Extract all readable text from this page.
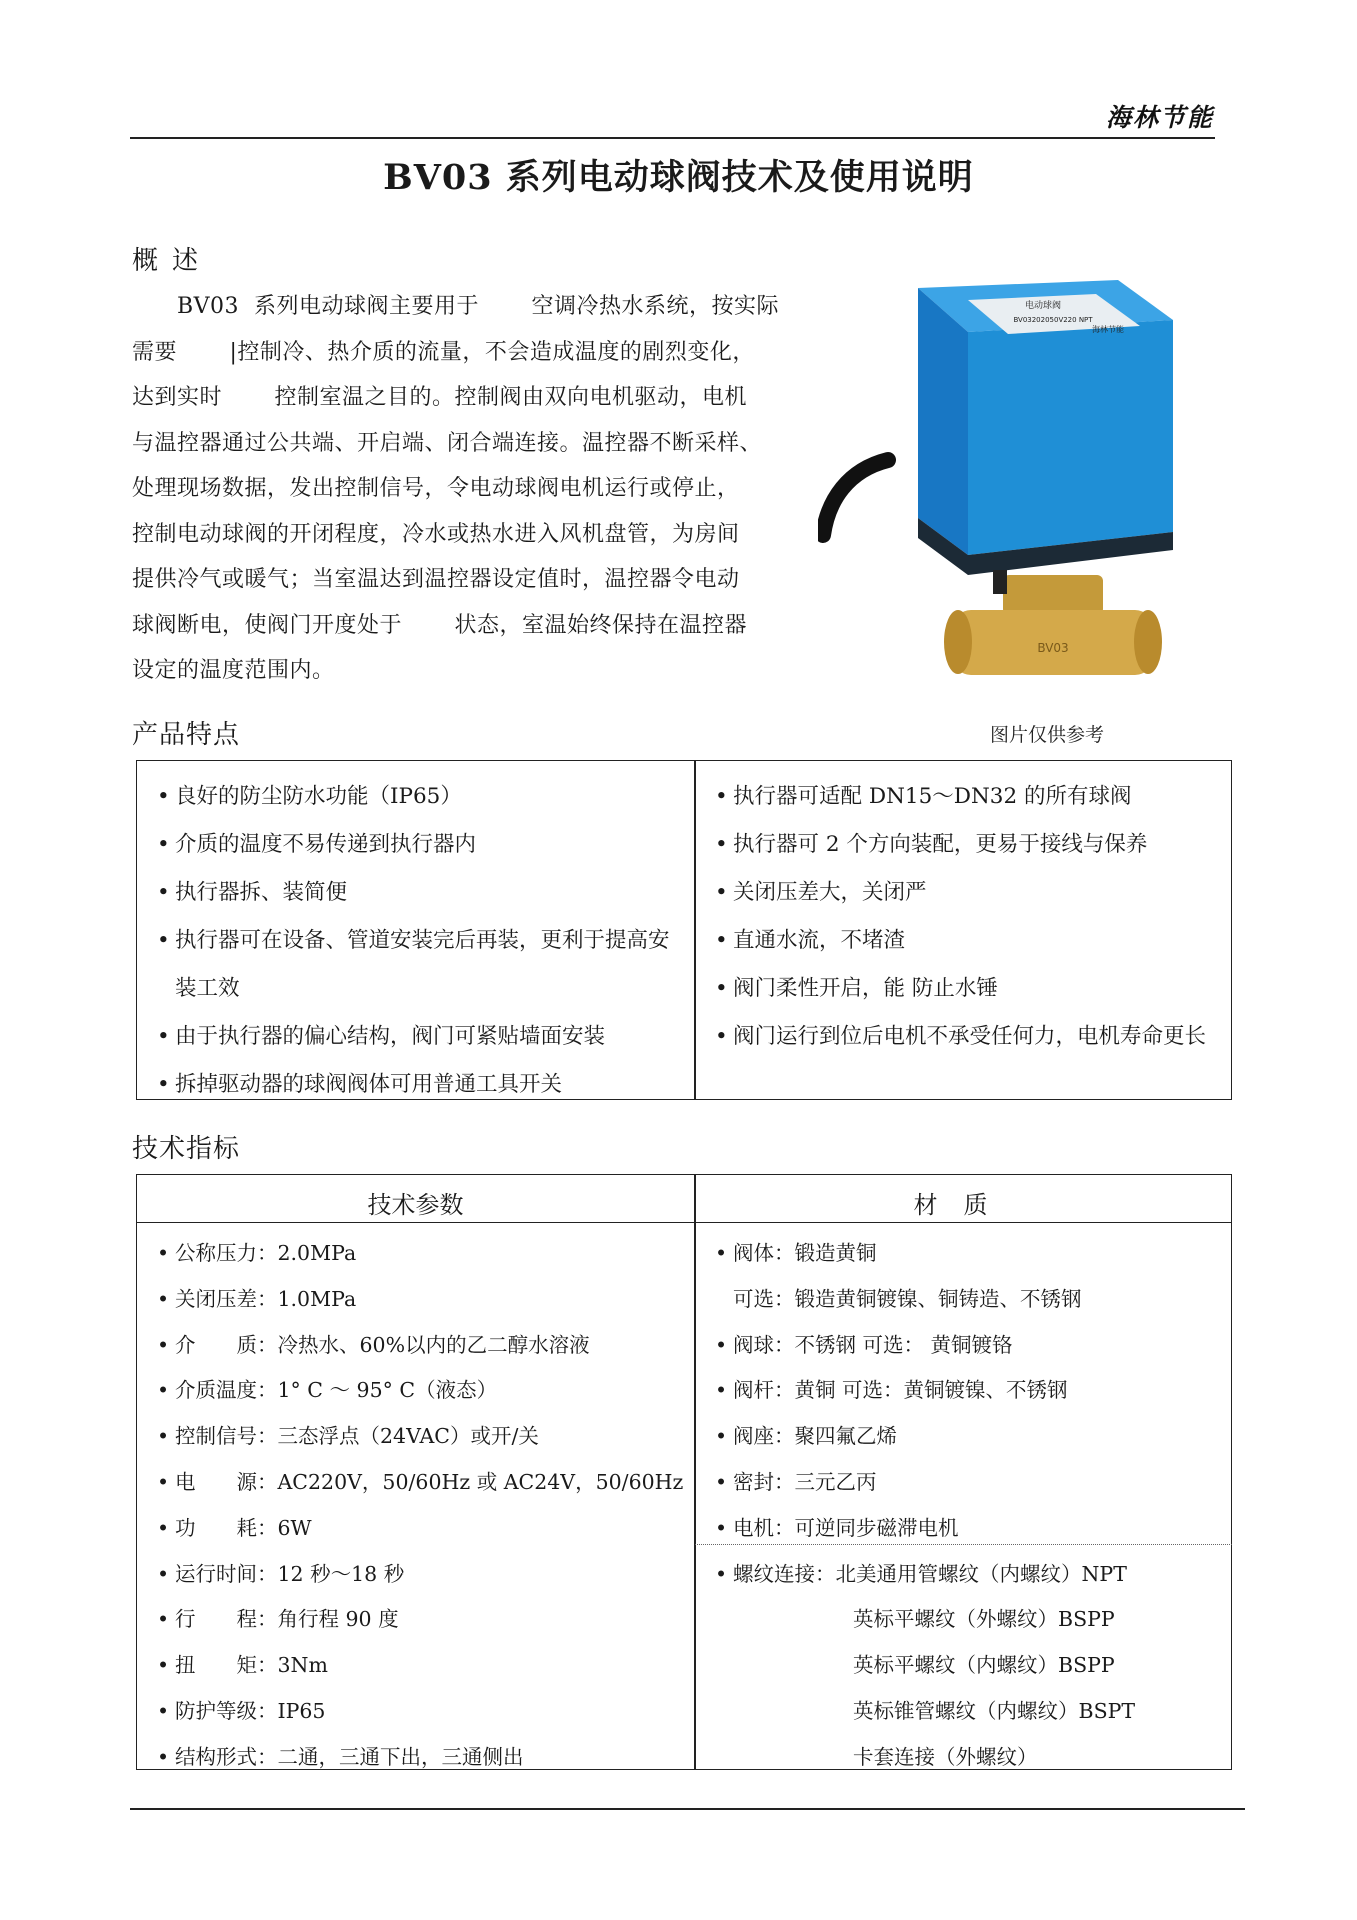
海林节能
BV03 系列电动球阀技术及使用说明
概述
BV03  系列电动球阀主要用于       空调冷热水系统，按实际
需要       |控制冷、热介质的流量，不会造成温度的剧烈变化，
达到实时       控制室温之目的。控制阀由双向电机驱动，电机
与温控器通过公共端、开启端、闭合端连接。温控器不断采样、
处理现场数据，发出控制信号，令电动球阀电机运行或停止，
控制电动球阀的开闭程度，冷水或热水进入风机盘管，为房间
提供冷气或暖气；当室温达到温控器设定值时，温控器令电动
球阀断电，使阀门开度处于       状态，室温始终保持在温控器
设定的温度范围内。
电动球阀
BV03202050V220 NPT
海林节能
BV03
图片仅供参考
产品特点
• 良好的防尘防水功能（IP65）
• 介质的温度不易传递到执行器内
• 执行器拆、装简便
• 执行器可在设备、管道安装完后再装，更利于提高安装工效
• 由于执行器的偏心结构，阀门可紧贴墙面安装
• 拆掉驱动器的球阀阀体可用普通工具开关
• 执行器可适配 DN15～DN32 的所有球阀
• 执行器可 2 个方向装配，更易于接线与保养
• 关闭压差大，关闭严
• 直通水流，不堵渣
• 阀门柔性开启，能 防止水锤
• 阀门运行到位后电机不承受任何力，电机寿命更长
技术指标
技术参数	材质
• 公称压力：2.0MPa
• 关闭压差：1.0MPa
• 介　　质：冷热水、60%以内的乙二醇水溶液
• 介质温度：1° C ～ 95° C（液态）
• 控制信号：三态浮点（24VAC）或开/关
• 电　　源：AC220V，50/60Hz 或 AC24V，50/60Hz
• 功　　耗：6W
• 运行时间：12 秒～18 秒
• 行　　程：角行程 90 度
• 扭　　矩：3Nm
• 防护等级：IP65
• 结构形式：二通，三通下出，三通侧出
• 阀体：锻造黄铜
可选：锻造黄铜镀镍、铜铸造、不锈钢
• 阀球：不锈钢 可选： 黄铜镀铬
• 阀杆：黄铜 可选：黄铜镀镍、不锈钢
• 阀座：聚四氟乙烯
• 密封：三元乙丙
• 电机：可逆同步磁滞电机
• 螺纹连接：北美通用管螺纹（内螺纹）NPT
英标平螺纹（外螺纹）BSPP
英标平螺纹（内螺纹）BSPP
英标锥管螺纹（内螺纹）BSPT
卡套连接（外螺纹）
